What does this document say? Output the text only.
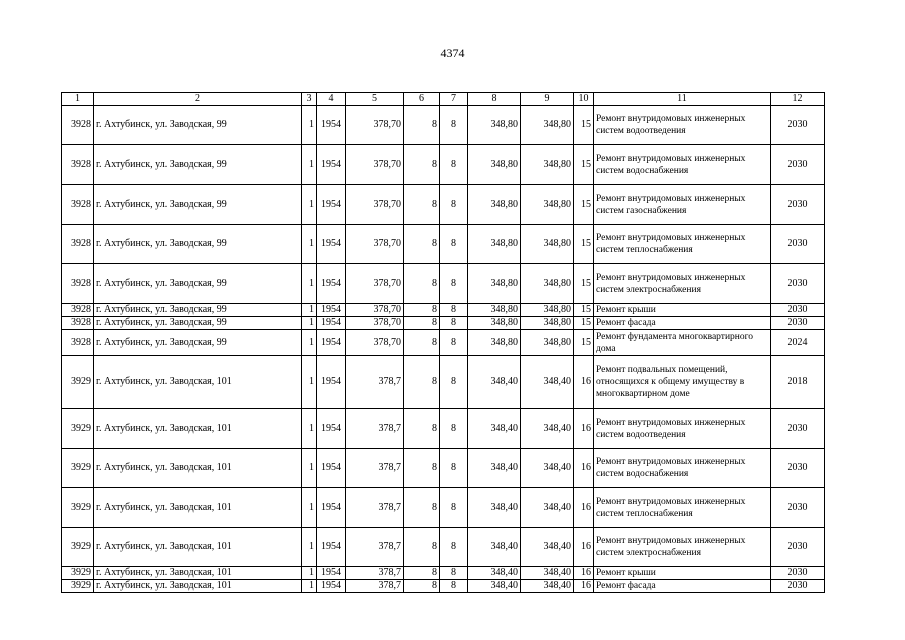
4374
1	2	3	4	5	6	7	8	9	10	11	12
3928	г. Ахтубинск, ул. Заводская, 99	1	1954	378,70	8	8	348,80	348,80	15	Ремонт внутридомовых инженерных систем водоотведения	2030
3928	г. Ахтубинск, ул. Заводская, 99	1	1954	378,70	8	8	348,80	348,80	15	Ремонт внутридомовых инженерных систем водоснабжения	2030
3928	г. Ахтубинск, ул. Заводская, 99	1	1954	378,70	8	8	348,80	348,80	15	Ремонт внутридомовых инженерных систем газоснабжения	2030
3928	г. Ахтубинск, ул. Заводская, 99	1	1954	378,70	8	8	348,80	348,80	15	Ремонт внутридомовых инженерных систем теплоснабжения	2030
3928	г. Ахтубинск, ул. Заводская, 99	1	1954	378,70	8	8	348,80	348,80	15	Ремонт внутридомовых инженерных систем электроснабжения	2030
3928	г. Ахтубинск, ул. Заводская, 99	1	1954	378,70	8	8	348,80	348,80	15	Ремонт крыши	2030
3928	г. Ахтубинск, ул. Заводская, 99	1	1954	378,70	8	8	348,80	348,80	15	Ремонт фасада	2030
3928	г. Ахтубинск, ул. Заводская, 99	1	1954	378,70	8	8	348,80	348,80	15	Ремонт фундамента многоквартирного дома	2024
3929	г. Ахтубинск, ул. Заводская, 101	1	1954	378,7	8	8	348,40	348,40	16	Ремонт подвальных помещений, относящихся к общему имуществу в многоквартирном доме	2018
3929	г. Ахтубинск, ул. Заводская, 101	1	1954	378,7	8	8	348,40	348,40	16	Ремонт внутридомовых инженерных систем водоотведения	2030
3929	г. Ахтубинск, ул. Заводская, 101	1	1954	378,7	8	8	348,40	348,40	16	Ремонт внутридомовых инженерных систем водоснабжения	2030
3929	г. Ахтубинск, ул. Заводская, 101	1	1954	378,7	8	8	348,40	348,40	16	Ремонт внутридомовых инженерных систем теплоснабжения	2030
3929	г. Ахтубинск, ул. Заводская, 101	1	1954	378,7	8	8	348,40	348,40	16	Ремонт внутридомовых инженерных систем электроснабжения	2030
3929	г. Ахтубинск, ул. Заводская, 101	1	1954	378,7	8	8	348,40	348,40	16	Ремонт крыши	2030
3929	г. Ахтубинск, ул. Заводская, 101	1	1954	378,7	8	8	348,40	348,40	16	Ремонт фасада	2030
